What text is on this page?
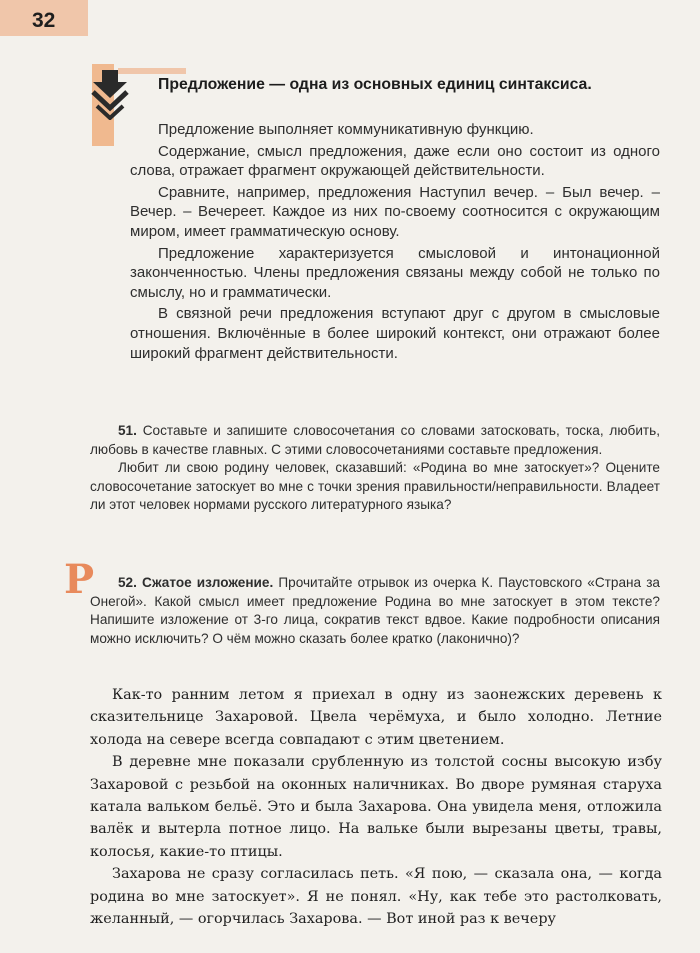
32
Предложение — одна из основных единиц синтаксиса.

Предложение выполняет коммуникативную функцию.

Содержание, смысл предложения, даже если оно состоит из одного слова, отражает фрагмент окружающей действительности.

Сравните, например, предложения Наступил вечер. – Был вечер. – Вечер. – Вечереет. Каждое из них по-своему соотносится с окружающим миром, имеет грамматическую основу.

Предложение характеризуется смысловой и интонационной законченностью. Члены предложения связаны между собой не только по смыслу, но и грамматически.

В связной речи предложения вступают друг с другом в смысловые отношения. Включённые в более широкий контекст, они отражают более широкий фрагмент действительности.

51. Составьте и запишите словосочетания со словами затосковать, тоска, любить, любовь в качестве главных. С этими словосочетаниями составьте предложения.

Любит ли свою родину человек, сказавший: «Родина во мне затоскует»? Оцените словосочетание затоскует во мне с точки зрения правильности/неправильности. Владеет ли этот человек нормами русского литературного языка?

Р	52. Сжатое изложение. Прочитайте отрывок из очерка К. Паустовского «Страна за Онегой». Какой смысл имеет предложение Родина во мне затоскует в этом тексте? Напишите изложение от 3-го лица, сократив текст вдвое. Какие подробности описания можно исключить? О чём можно сказать более кратко (лаконично)?

Как-то ранним летом я приехал в одну из заонежских деревень к сказительнице Захаровой. Цвела черёмуха, и было холодно. Летние холода на севере всегда совпадают с этим цветением.

В деревне мне показали срубленную из толстой сосны высокую избу Захаровой с резьбой на оконных наличниках. Во дворе румяная старуха катала вальком бельё. Это и была Захарова. Она увидела меня, отложила валёк и вытерла потное лицо. На вальке были вырезаны цветы, травы, колосья, какие-то птицы.

Захарова не сразу согласилась петь. «Я пою, — сказала она, — когда родина во мне затоскует». Я не понял. «Ну, как тебе это растолковать, желанный, — огорчилась Захарова. — Вот иной раз к вечеру
